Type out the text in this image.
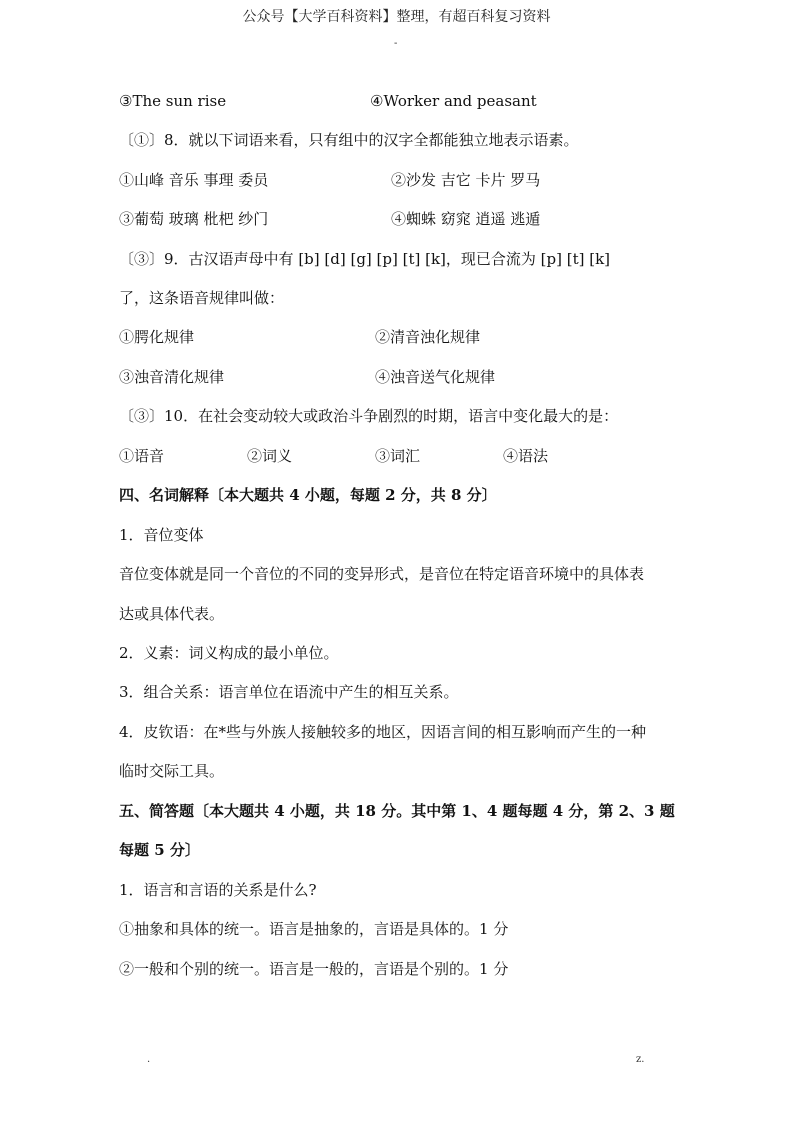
公众号【大学百科资料】整理，有超百科复习资料
-
③The sun rise	④Worker and peasant
〔①〕8．就以下词语来看，只有组中的汉字全都能独立地表示语素。
①山峰 音乐 事理 委员	②沙发 吉它 卡片 罗马
③葡萄 玻璃 枇杷 纱门	④蜘蛛 窈窕 逍遥 逃遁
〔③〕9．古汉语声母中有 [b] [d] [g] [p] [t] [k]，现已合流为 [p] [t] [k]
了，这条语音规律叫做：
①腭化规律	②清音浊化规律
③浊音清化规律	④浊音送气化规律
〔③〕10．在社会变动较大或政治斗争剧烈的时期，语言中变化最大的是：
①语音	②词义	③词汇	④语法
四、名词解释〔本大题共 4 小题，每题 2 分，共 8 分〕
1．音位变体
音位变体就是同一个音位的不同的变异形式，是音位在特定语音环境中的具体表
达或具体代表。
2．义素：词义构成的最小单位。
3．组合关系：语言单位在语流中产生的相互关系。
4．皮钦语：在*些与外族人接触较多的地区，因语言间的相互影响而产生的一种
临时交际工具。
五、简答题〔本大题共 4 小题，共 18 分。其中第 1、4 题每题 4 分，第 2、3 题
每题 5 分〕
1．语言和言语的关系是什么?
①抽象和具体的统一。语言是抽象的，言语是具体的。1 分
②一般和个别的统一。语言是一般的，言语是个别的。1 分
.	z.
